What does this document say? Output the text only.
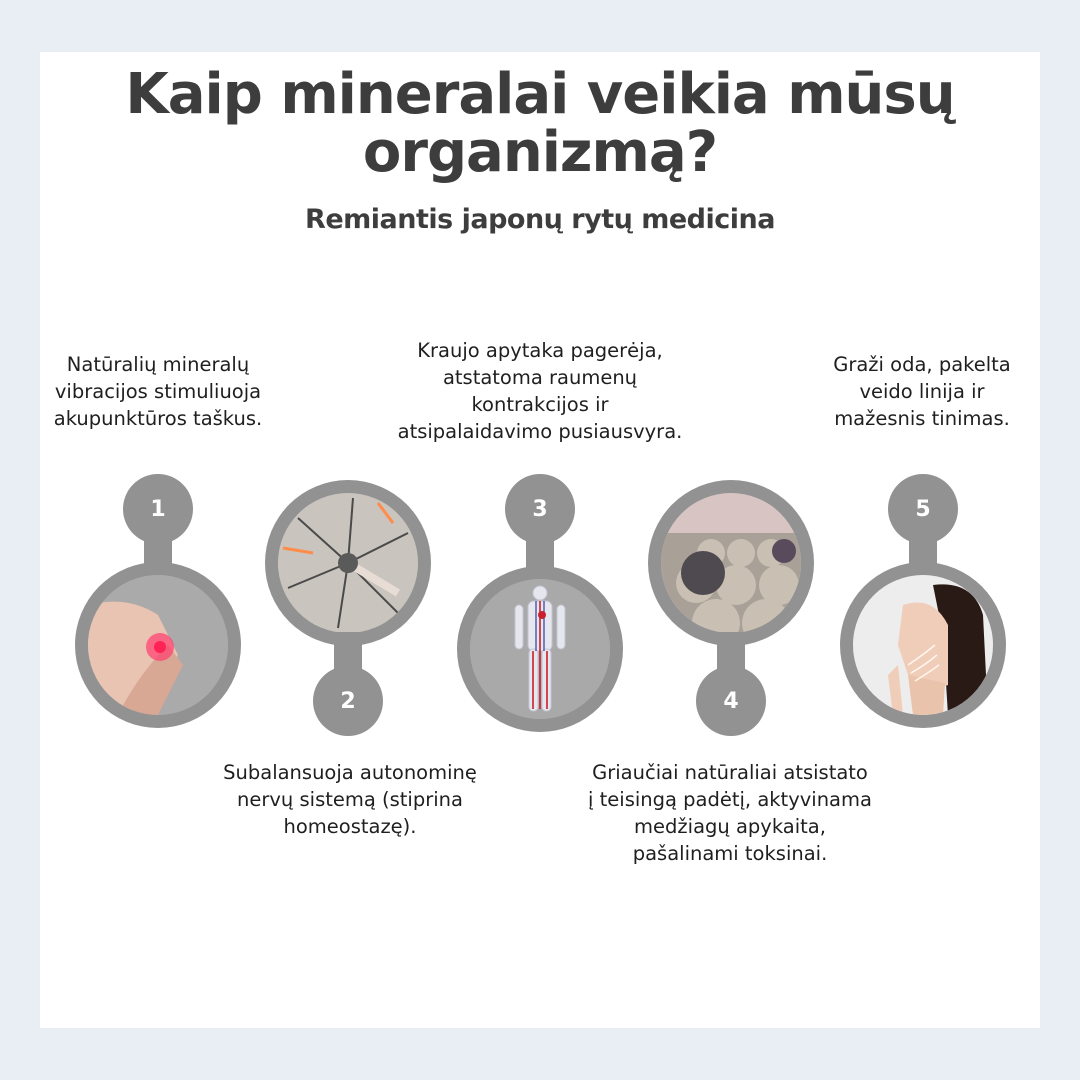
Kaip mineralai veikia mūsų
organizmą?
Remiantis japonų rytų medicina
Natūralių mineralų
vibracijos stimuliuoja
akupunktūros taškus.
Kraujo apytaka pagerėja,
atstatoma raumenų
kontrakcijos ir
atsipalaidavimo pusiausvyra.
Graži oda, pakelta
veido linija ir
mažesnis tinimas.
1
2
3
4
5
Subalansuoja autonominę
nervų sistemą (stiprina
homeostazę).
Griaučiai natūraliai atsistato
į teisingą padėtį, aktyvinama
medžiagų apykaita,
pašalinami toksinai.
